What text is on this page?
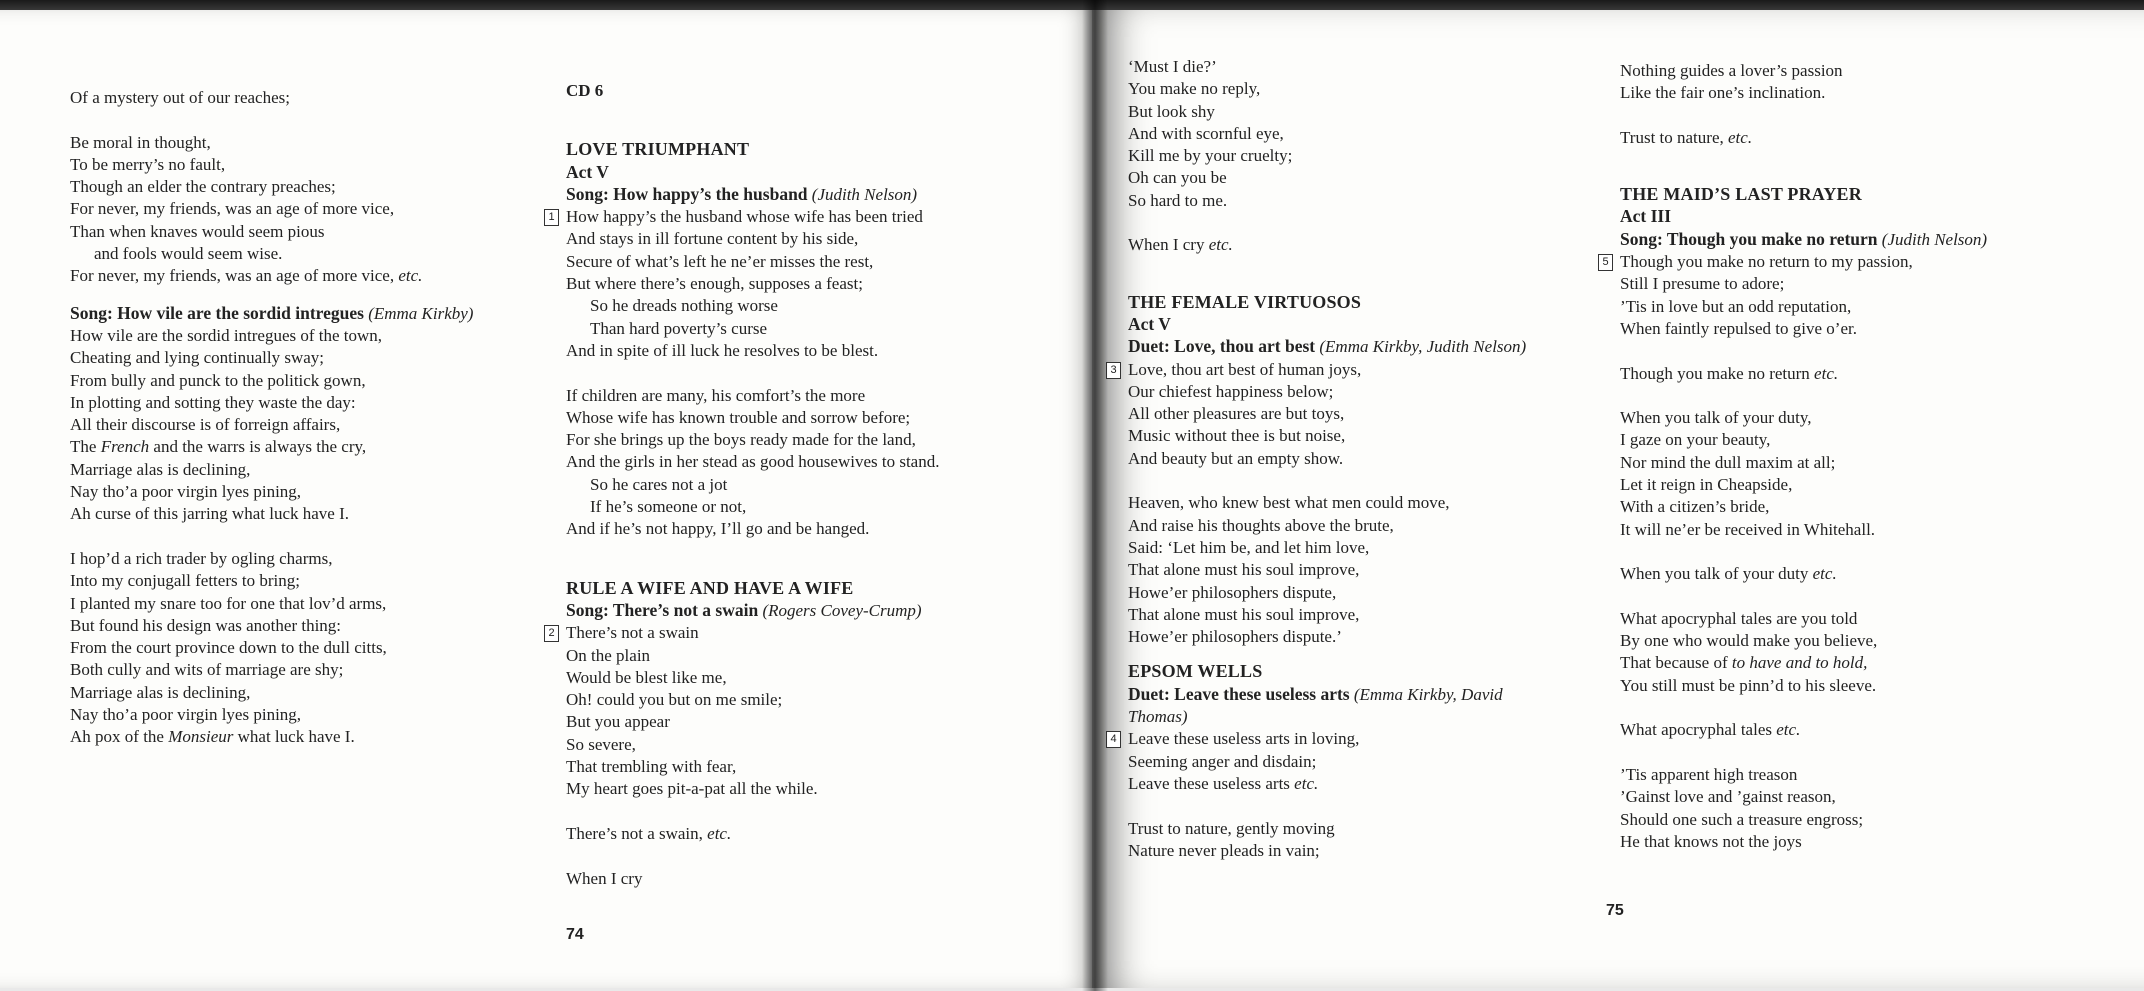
Of a mystery out of our reaches;
Be moral in thought,
To be merry’s no fault,
Though an elder the contrary preaches;
For never, my friends, was an age of more vice,
Than when knaves would seem pious
and fools would seem wise.
For never, my friends, was an age of more vice, etc.
Song: How vile are the sordid intregues (Emma Kirkby)
How vile are the sordid intregues of the town,
Cheating and lying continually sway;
From bully and punck to the politick gown,
In plotting and sotting they waste the day:
All their discourse is of forreign affairs,
The French and the warrs is always the cry,
Marriage alas is declining,
Nay tho’a poor virgin lyes pining,
Ah curse of this jarring what luck have I.
I hop’d a rich trader by ogling charms,
Into my conjugall fetters to bring;
I planted my snare too for one that lov’d arms,
But found his design was another thing:
From the court province down to the dull citts,
Both cully and wits of marriage are shy;
Marriage alas is declining,
Nay tho’a poor virgin lyes pining,
Ah pox of the Monsieur what luck have I.
CD 6
LOVE TRIUMPHANT
Act V
Song: How happy’s the husband (Judith Nelson)
1 How happy’s the husband whose wife has been tried
And stays in ill fortune content by his side,
Secure of what’s left he ne’er misses the rest,
But where there’s enough, supposes a feast;
So he dreads nothing worse
Than hard poverty’s curse
And in spite of ill luck he resolves to be blest.
If children are many, his comfort’s the more
Whose wife has known trouble and sorrow before;
For she brings up the boys ready made for the land,
And the girls in her stead as good housewives to stand.
So he cares not a jot
If he’s someone or not,
And if he’s not happy, I’ll go and be hanged.
RULE A WIFE AND HAVE A WIFE
Song: There’s not a swain (Rogers Covey-Crump)
2 There’s not a swain
On the plain
Would be blest like me,
Oh! could you but on me smile;
But you appear
So severe,
That trembling with fear,
My heart goes pit-a-pat all the while.
There’s not a swain, etc.
When I cry
74
‘Must I die?’
You make no reply,
But look shy
And with scornful eye,
Kill me by your cruelty;
Oh can you be
So hard to me.
When I cry etc.
THE FEMALE VIRTUOSOS
Act V
Duet: Love, thou art best (Emma Kirkby, Judith Nelson)
3 Love, thou art best of human joys,
Our chiefest happiness below;
All other pleasures are but toys,
Music without thee is but noise,
And beauty but an empty show.
Heaven, who knew best what men could move,
And raise his thoughts above the brute,
Said: ‘Let him be, and let him love,
That alone must his soul improve,
Howe’er philosophers dispute,
That alone must his soul improve,
Howe’er philosophers dispute.’
EPSOM WELLS
Duet: Leave these useless arts (Emma Kirkby, David
Thomas)
4 Leave these useless arts in loving,
Seeming anger and disdain;
Leave these useless arts etc.
Trust to nature, gently moving
Nature never pleads in vain;
Nothing guides a lover’s passion
Like the fair one’s inclination.
Trust to nature, etc.
THE MAID’S LAST PRAYER
Act III
Song: Though you make no return (Judith Nelson)
5 Though you make no return to my passion,
Still I presume to adore;
’Tis in love but an odd reputation,
When faintly repulsed to give o’er.
Though you make no return etc.
When you talk of your duty,
I gaze on your beauty,
Nor mind the dull maxim at all;
Let it reign in Cheapside,
With a citizen’s bride,
It will ne’er be received in Whitehall.
When you talk of your duty etc.
What apocryphal tales are you told
By one who would make you believe,
That because of to have and to hold,
You still must be pinn’d to his sleeve.
What apocryphal tales etc.
’Tis apparent high treason
’Gainst love and ’gainst reason,
Should one such a treasure engross;
He that knows not the joys
75
